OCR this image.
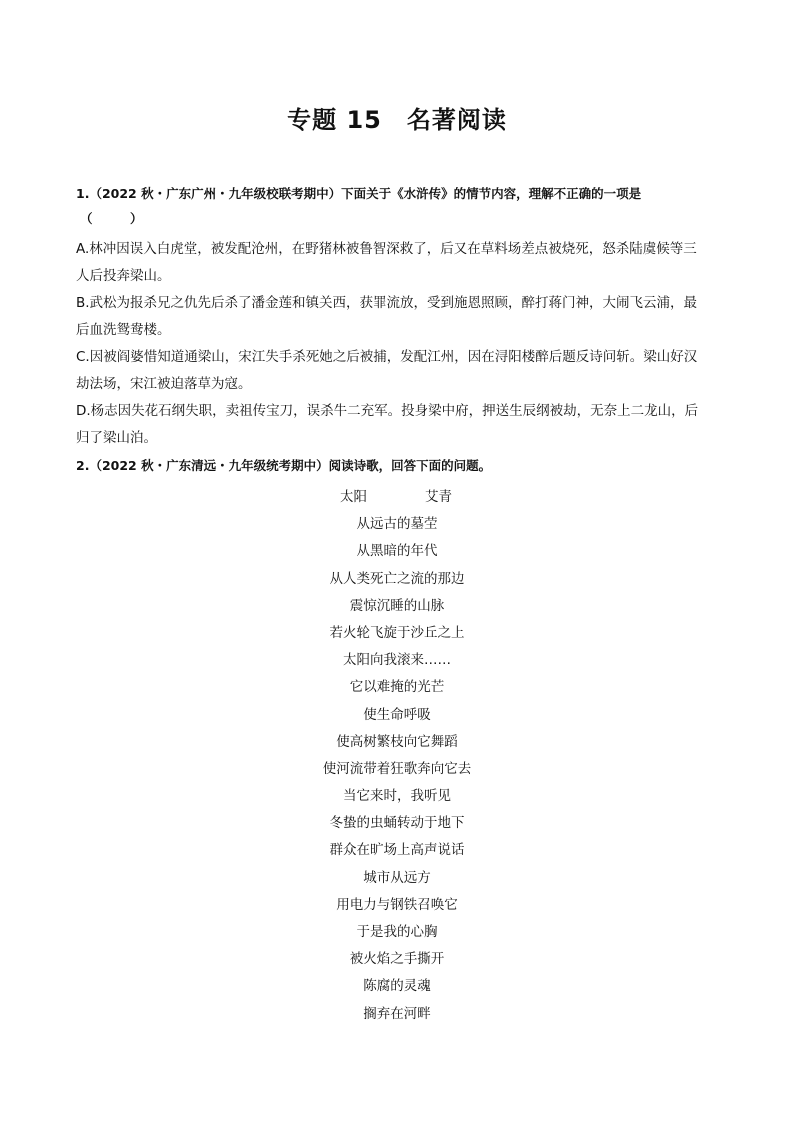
专题 15　名著阅读
1.（2022 秋・广东广州・九年级校联考期中）下面关于《水浒传》的情节内容，理解不正确的一项是
（　　　）
A.林冲因误入白虎堂，被发配沧州，在野猪林被鲁智深救了，后又在草料场差点被烧死，怒杀陆虞候等三
人后投奔梁山。
B.武松为报杀兄之仇先后杀了潘金莲和镇关西，获罪流放，受到施恩照顾，醉打蒋门神，大闹飞云浦，最
后血洗鸳鸯楼。
C.因被阎婆惜知道通梁山，宋江失手杀死她之后被捕，发配江州，因在浔阳楼醉后题反诗问斩。梁山好汉
劫法场，宋江被迫落草为寇。
D.杨志因失花石纲失职，卖祖传宝刀，误杀牛二充军。投身梁中府，押送生辰纲被劫，无奈上二龙山，后
归了梁山泊。
2.（2022 秋・广东清远・九年级统考期中）阅读诗歌，回答下面的问题。
太阳	艾青
从远古的墓茔
从黑暗的年代
从人类死亡之流的那边
震惊沉睡的山脉
若火轮飞旋于沙丘之上
太阳向我滚来……
它以难掩的光芒
使生命呼吸
使高树繁枝向它舞蹈
使河流带着狂歌奔向它去
当它来时，我听见
冬蛰的虫蛹转动于地下
群众在旷场上高声说话
城市从远方
用电力与钢铁召唤它
于是我的心胸
被火焰之手撕开
陈腐的灵魂
搁弃在河畔
